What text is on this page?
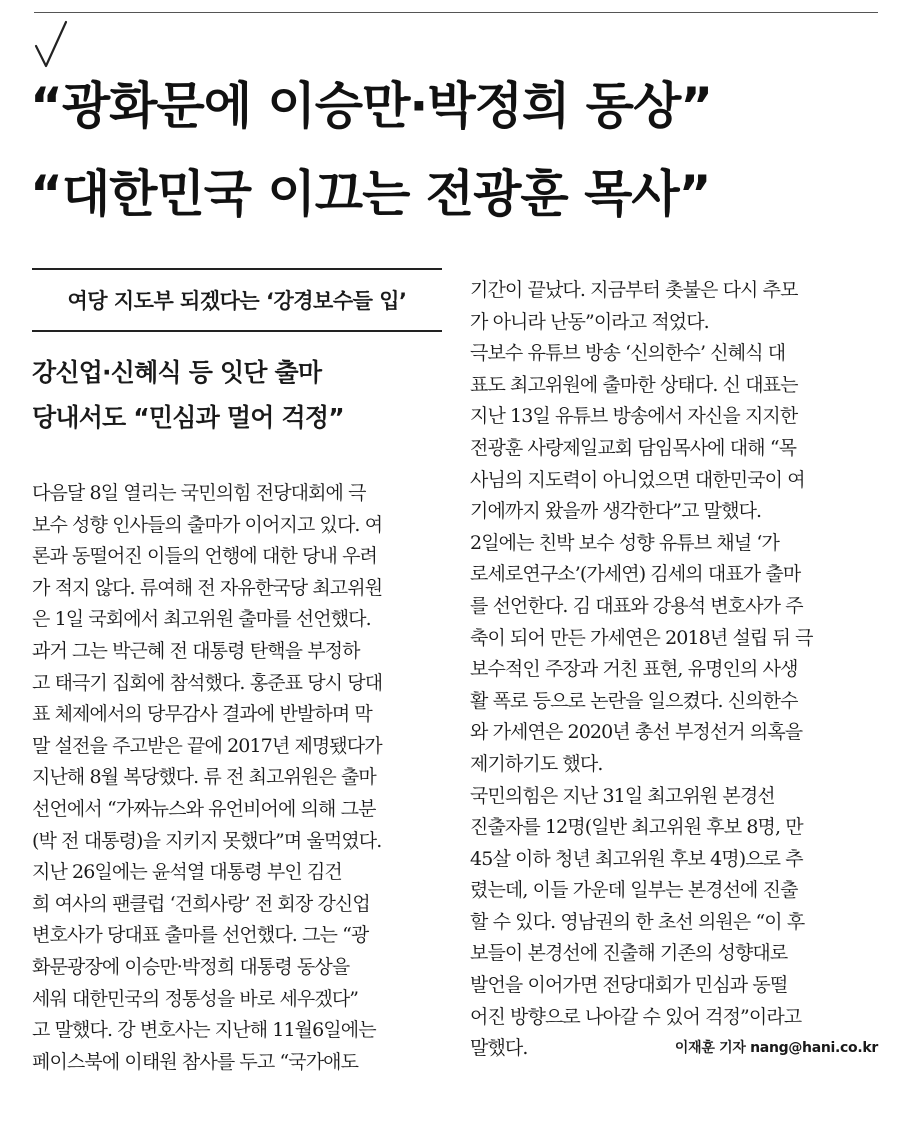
“광화문에 이승만·박정희 동상”
“대한민국 이끄는 전광훈 목사”
여당 지도부 되겠다는 ‘강경보수들 입’
강신업·신혜식 등 잇단 출마
당내서도 “민심과 멀어 걱정”
다음달 8일 열리는 국민의힘 전당대회에 극
보수 성향 인사들의 출마가 이어지고 있다. 여
론과 동떨어진 이들의 언행에 대한 당내 우려
가 적지 않다. 류여해 전 자유한국당 최고위원
은 1일 국회에서 최고위원 출마를 선언했다.
과거 그는 박근혜 전 대통령 탄핵을 부정하
고 태극기 집회에 참석했다. 홍준표 당시 당대
표 체제에서의 당무감사 결과에 반발하며 막
말 설전을 주고받은 끝에 2017년 제명됐다가
지난해 8월 복당했다. 류 전 최고위원은 출마
선언에서 “가짜뉴스와 유언비어에 의해 그분
(박 전 대통령)을 지키지 못했다”며 울먹였다.
지난 26일에는 윤석열 대통령 부인 김건
희 여사의 팬클럽 ‘건희사랑’ 전 회장 강신업
변호사가 당대표 출마를 선언했다. 그는 “광
화문광장에 이승만·박정희 대통령 동상을
세워 대한민국의 정통성을 바로 세우겠다”
고 말했다. 강 변호사는 지난해 11월6일에는
페이스북에 이태원 참사를 두고 “국가애도
기간이 끝났다. 지금부터 촛불은 다시 추모
가 아니라 난동”이라고 적었다.
극보수 유튜브 방송 ‘신의한수’ 신혜식 대
표도 최고위원에 출마한 상태다. 신 대표는
지난 13일 유튜브 방송에서 자신을 지지한
전광훈 사랑제일교회 담임목사에 대해 “목
사님의 지도력이 아니었으면 대한민국이 여
기에까지 왔을까 생각한다”고 말했다.
2일에는 친박 보수 성향 유튜브 채널 ‘가
로세로연구소’(가세연) 김세의 대표가 출마
를 선언한다. 김 대표와 강용석 변호사가 주
축이 되어 만든 가세연은 2018년 설립 뒤 극
보수적인 주장과 거친 표현, 유명인의 사생
활 폭로 등으로 논란을 일으켰다. 신의한수
와 가세연은 2020년 총선 부정선거 의혹을
제기하기도 했다.
국민의힘은 지난 31일 최고위원 본경선
진출자를 12명(일반 최고위원 후보 8명, 만
45살 이하 청년 최고위원 후보 4명)으로 추
렸는데, 이들 가운데 일부는 본경선에 진출
할 수 있다. 영남권의 한 초선 의원은 “이 후
보들이 본경선에 진출해 기존의 성향대로
발언을 이어가면 전당대회가 민심과 동떨
어진 방향으로 나아갈 수 있어 걱정”이라고
말했다.	이재훈 기자 nang@hani.co.kr
